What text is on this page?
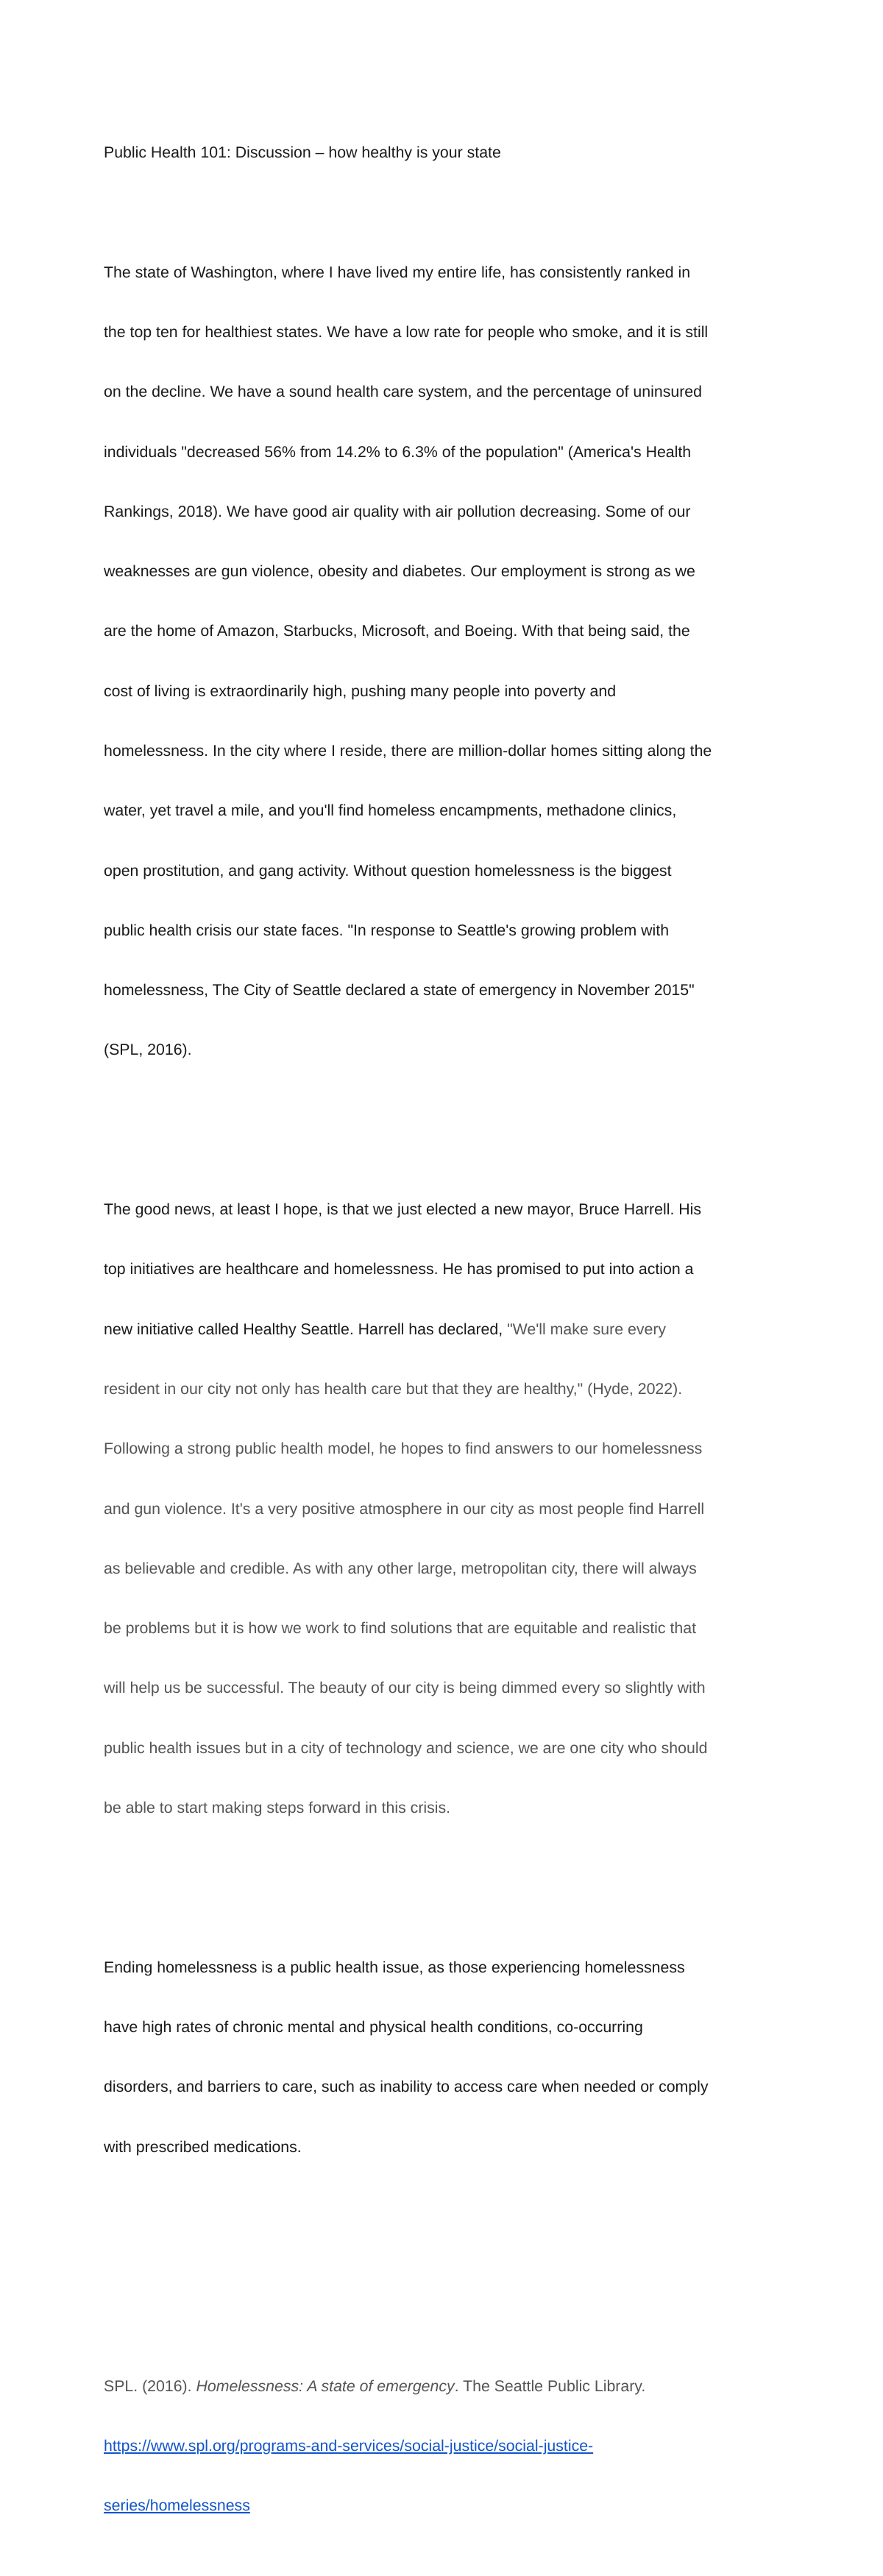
Public Health 101: Discussion – how healthy is your state

The state of Washington, where I have lived my entire life, has consistently ranked in

the top ten for healthiest states. We have a low rate for people who smoke, and it is still

on the decline. We have a sound health care system, and the percentage of uninsured

individuals "decreased 56% from 14.2% to 6.3% of the population" (America's Health

Rankings, 2018). We have good air quality with air pollution decreasing. Some of our

weaknesses are gun violence, obesity and diabetes. Our employment is strong as we

are the home of Amazon, Starbucks, Microsoft, and Boeing. With that being said, the

cost of living is extraordinarily high, pushing many people into poverty and

homelessness. In the city where I reside, there are million-dollar homes sitting along the

water, yet travel a mile, and you'll find homeless encampments, methadone clinics,

open prostitution, and gang activity. Without question homelessness is the biggest

public health crisis our state faces. "In response to Seattle's growing problem with

homelessness, The City of Seattle declared a state of emergency in November 2015"

(SPL, 2016).

The good news, at least I hope, is that we just elected a new mayor, Bruce Harrell. His

top initiatives are healthcare and homelessness. He has promised to put into action a

new initiative called Healthy Seattle. Harrell has declared, "We'll make sure every

resident in our city not only has health care but that they are healthy," (Hyde, 2022).

Following a strong public health model, he hopes to find answers to our homelessness

and gun violence. It's a very positive atmosphere in our city as most people find Harrell

as believable and credible. As with any other large, metropolitan city, there will always

be problems but it is how we work to find solutions that are equitable and realistic that

will help us be successful. The beauty of our city is being dimmed every so slightly with

public health issues but in a city of technology and science, we are one city who should

be able to start making steps forward in this crisis.

Ending homelessness is a public health issue, as those experiencing homelessness

have high rates of chronic mental and physical health conditions, co-occurring

disorders, and barriers to care, such as inability to access care when needed or comply

with prescribed medications.

SPL. (2016). Homelessness: A state of emergency. The Seattle Public Library.

https://www.spl.org/programs-and-services/social-justice/social-justice-

series/homelessness
